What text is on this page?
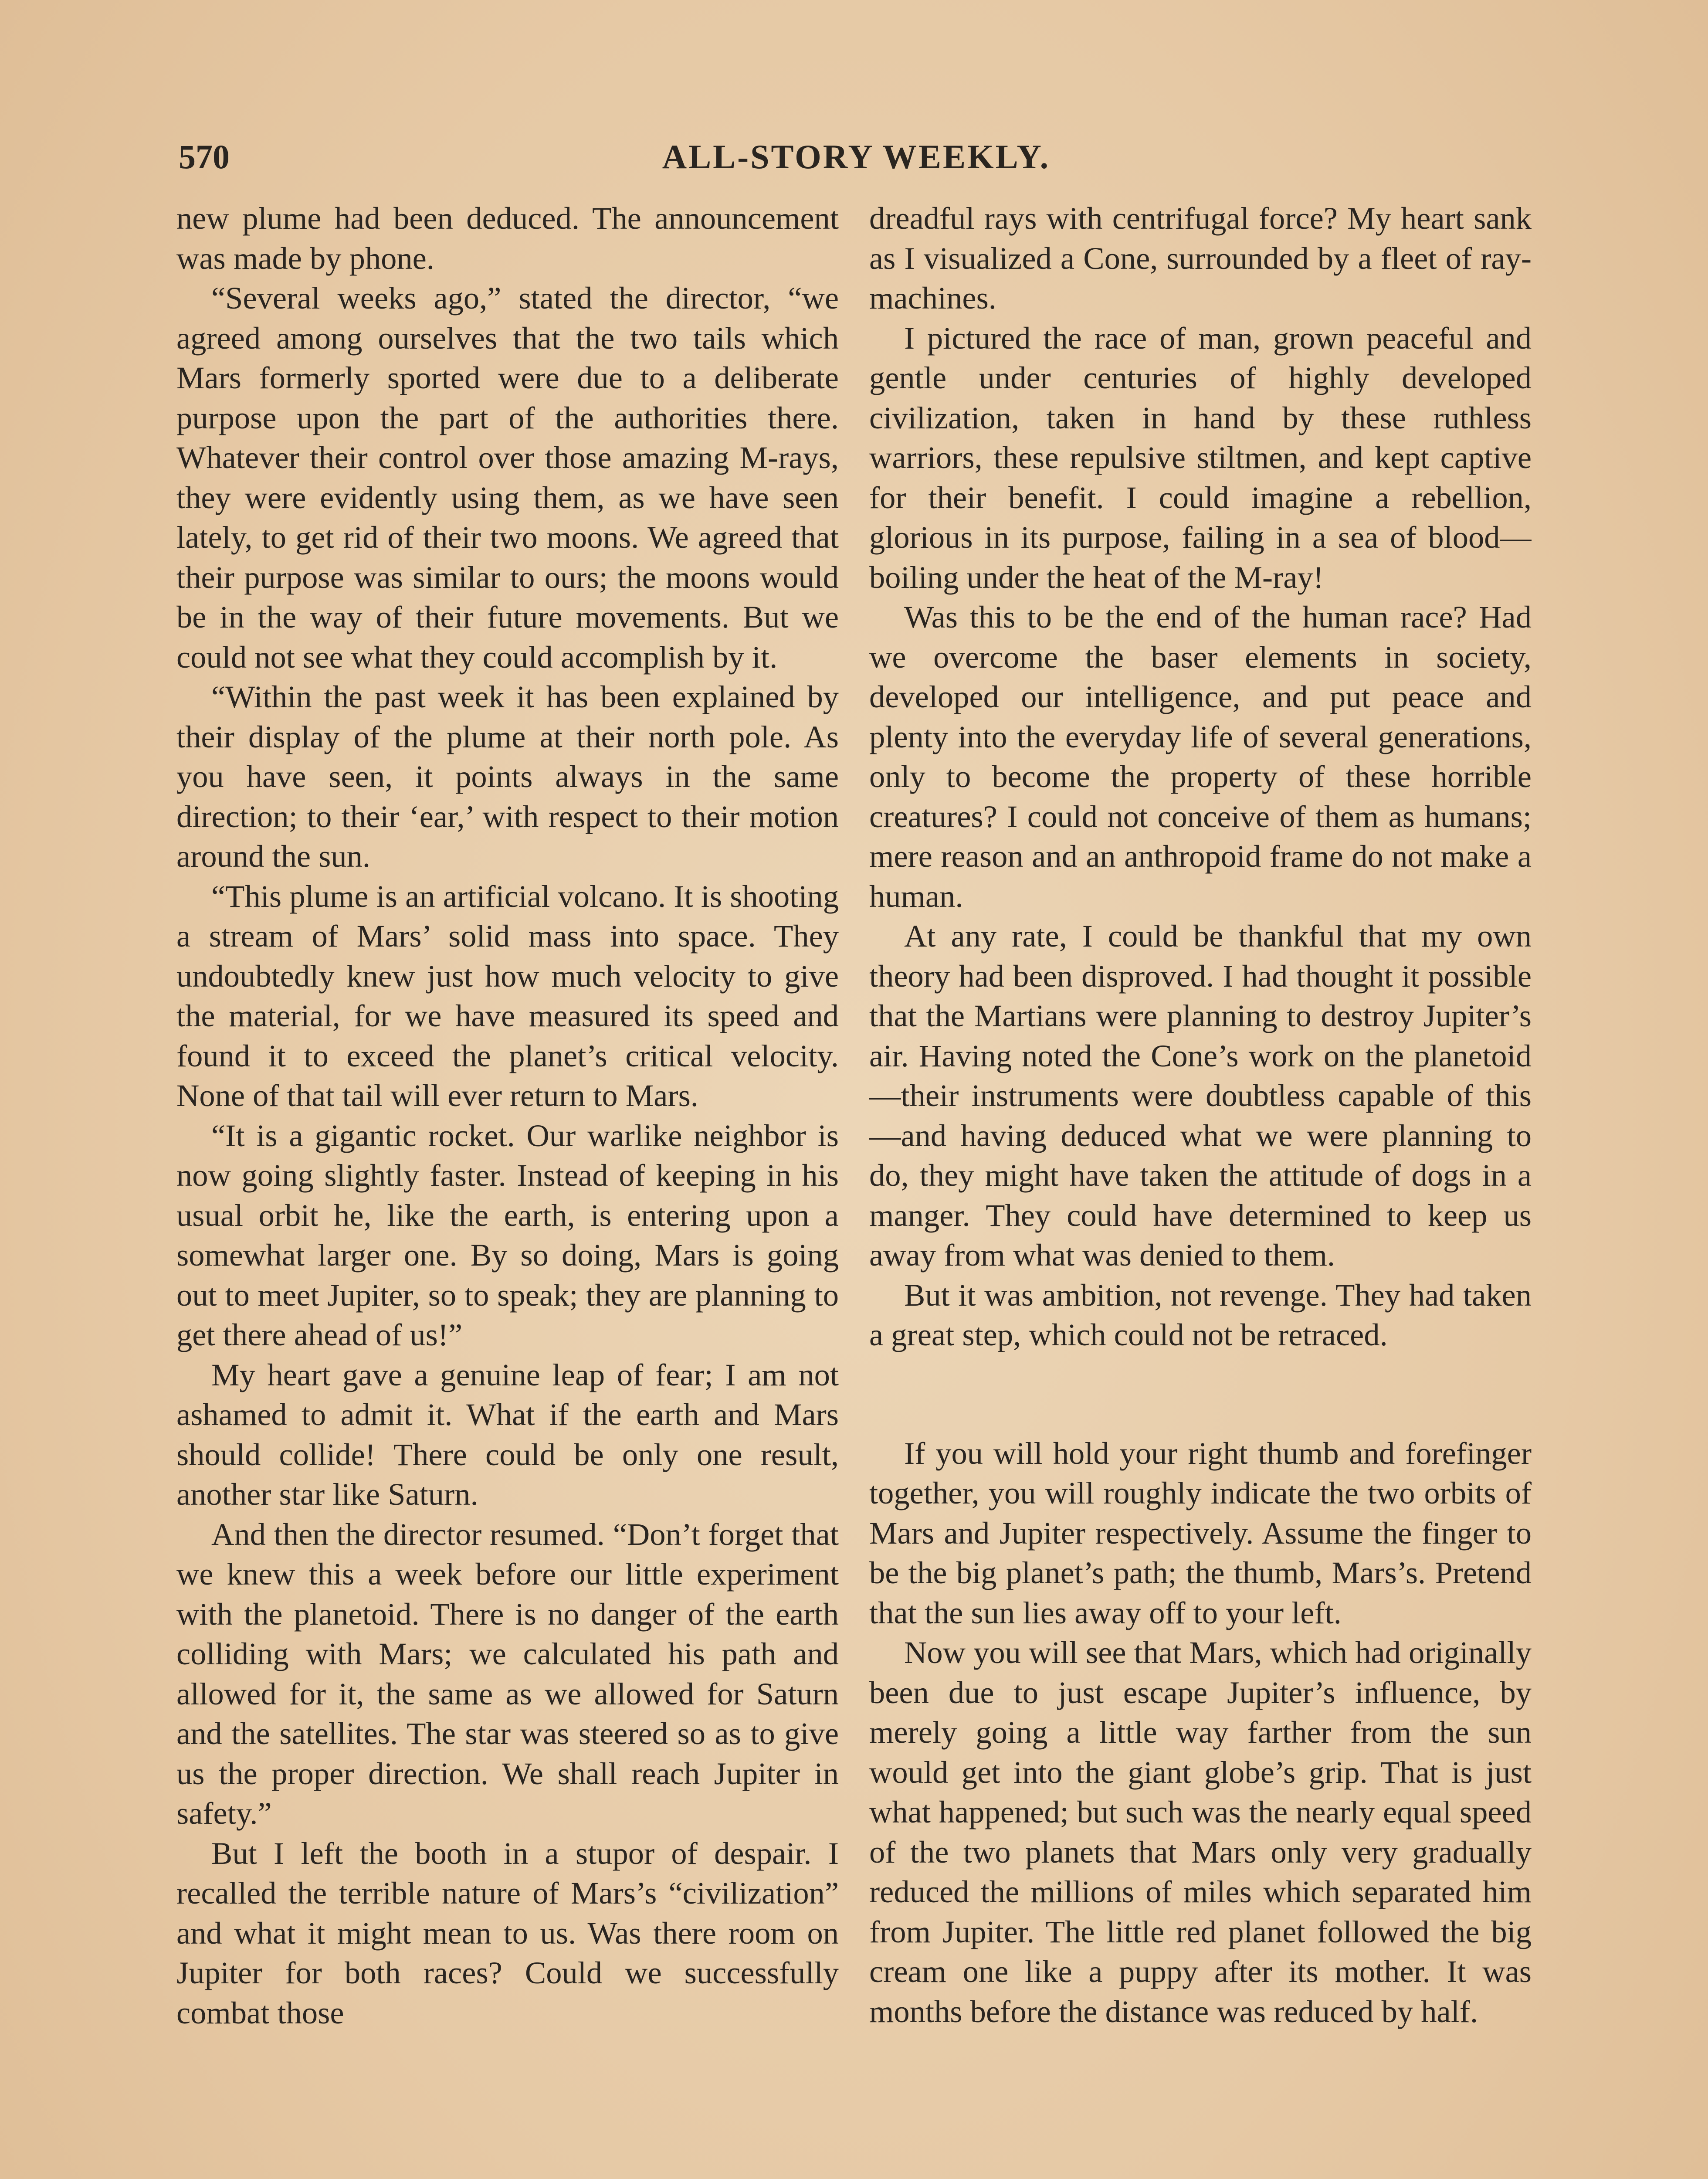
570	ALL-STORY WEEKLY.

new plume had been deduced. The announcement was made by phone.

“Several weeks ago,” stated the director, “we agreed among ourselves that the two tails which Mars formerly sported were due to a deliberate purpose upon the part of the authorities there. Whatever their control over those amazing M-rays, they were evidently using them, as we have seen lately, to get rid of their two moons. We agreed that their purpose was similar to ours; the moons would be in the way of their future movements. But we could not see what they could accomplish by it.

“Within the past week it has been explained by their display of the plume at their north pole. As you have seen, it points always in the same direction; to their ‘ear,’ with respect to their motion around the sun.

“This plume is an artificial volcano. It is shooting a stream of Mars’ solid mass into space. They undoubtedly knew just how much velocity to give the material, for we have measured its speed and found it to exceed the planet’s critical velocity. None of that tail will ever return to Mars.

“It is a gigantic rocket. Our warlike neighbor is now going slightly faster. Instead of keeping in his usual orbit he, like the earth, is entering upon a somewhat larger one. By so doing, Mars is going out to meet Jupiter, so to speak; they are planning to get there ahead of us!”

My heart gave a genuine leap of fear; I am not ashamed to admit it. What if the earth and Mars should collide! There could be only one result, another star like Saturn.

And then the director resumed. “Don’t forget that we knew this a week before our little experiment with the planetoid. There is no danger of the earth colliding with Mars; we calculated his path and allowed for it, the same as we allowed for Saturn and the satellites. The star was steered so as to give us the proper direction. We shall reach Jupiter in safety.”

But I left the booth in a stupor of despair. I recalled the terrible nature of Mars’s “civilization” and what it might mean to us. Was there room on Jupiter for both races? Could we successfully combat those

dreadful rays with centrifugal force? My heart sank as I visualized a Cone, surrounded by a fleet of ray-machines.

I pictured the race of man, grown peaceful and gentle under centuries of highly developed civilization, taken in hand by these ruthless warriors, these repulsive stiltmen, and kept captive for their benefit. I could imagine a rebellion, glorious in its purpose, failing in a sea of blood—boiling under the heat of the M-ray!

Was this to be the end of the human race? Had we overcome the baser elements in society, developed our intelligence, and put peace and plenty into the everyday life of several generations, only to become the property of these horrible creatures? I could not conceive of them as humans; mere reason and an anthropoid frame do not make a human.

At any rate, I could be thankful that my own theory had been disproved. I had thought it possible that the Martians were planning to destroy Jupiter’s air. Having noted the Cone’s work on the planetoid—their instruments were doubtless capable of this—and having deduced what we were planning to do, they might have taken the attitude of dogs in a manger. They could have determined to keep us away from what was denied to them.

But it was ambition, not revenge. They had taken a great step, which could not be retraced.

If you will hold your right thumb and forefinger together, you will roughly indicate the two orbits of Mars and Jupiter respectively. Assume the finger to be the big planet’s path; the thumb, Mars’s. Pretend that the sun lies away off to your left.

Now you will see that Mars, which had originally been due to just escape Jupiter’s influence, by merely going a little way farther from the sun would get into the giant globe’s grip. That is just what happened; but such was the nearly equal speed of the two planets that Mars only very gradually reduced the millions of miles which separated him from Jupiter. The little red planet followed the big cream one like a puppy after its mother. It was months before the distance was reduced by half.
